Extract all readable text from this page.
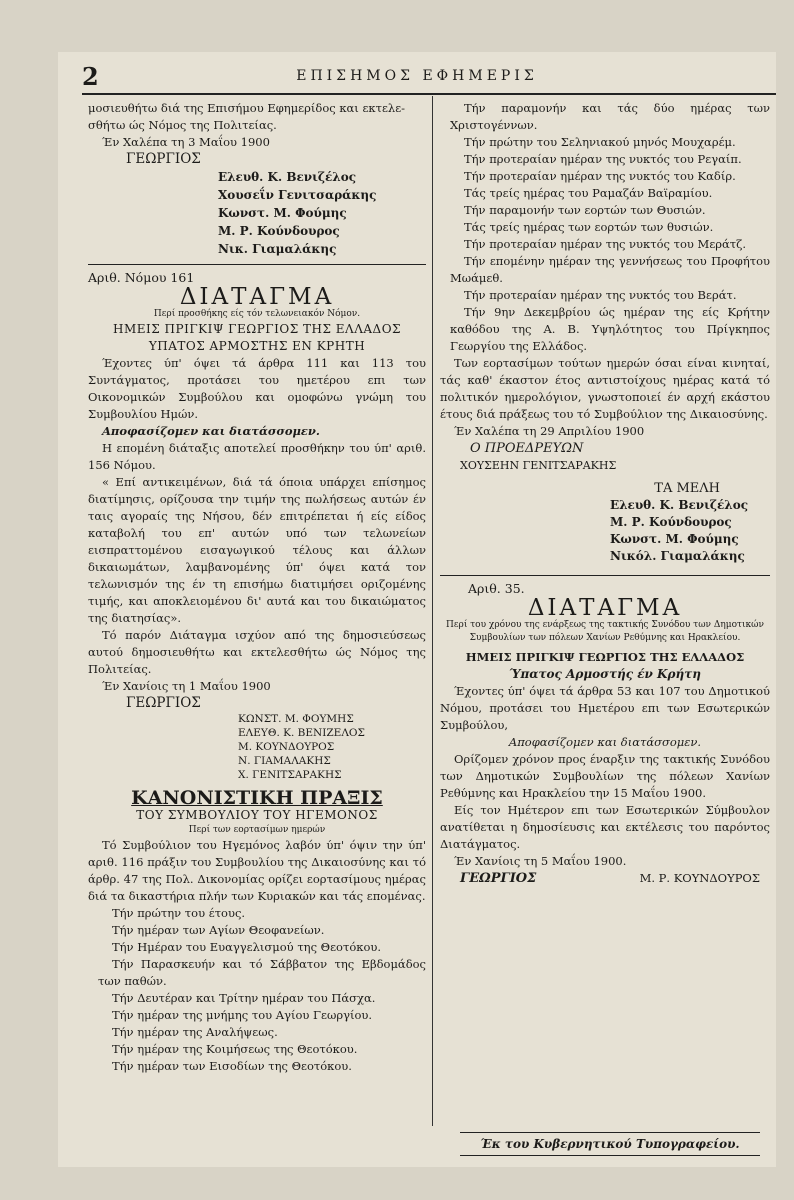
2	ΕΠΙΣΗΜΟΣ ΕΦΗΜΕΡΙΣ

μοσιευθήτω διά της Επισήμου Εφημερίδος και εκτελε-

σθήτω ώς Νόμος της Πολιτείας.

Έν Χαλέπα τη 3 Μαΐου 1900

ΓΕΩΡΓΙΟΣ

Ελευθ. Κ. Βενιζέλος
Χουσεΐν Γενιτσαράκης
Κωνστ. Μ. Φούμης
Μ. Ρ. Κούνδουρος
Νικ. Γιαμαλάκης

Αριθ. Νόμου 161

ΔΙΑΤΑΓΜΑ
Περί προσθήκης είς τόν τελωνειακόν Νόμον.
ΗΜΕΙΣ ΠΡΙΓΚΙΨ ΓΕΩΡΓΙΟΣ ΤΗΣ ΕΛΛΑΔΟΣ
ΥΠΑΤΟΣ ΑΡΜΟΣΤΗΣ ΕΝ ΚΡΗΤΗ

Έχοντες ύπ' όψει τά άρθρα 111 και 113 του Συντάγματος, προτάσει του ημετέρου επι των Οικονομικών Συμβούλου και ομοφώνω γνώμη του Συμβουλίου Ημών.

Αποφασίζομεν και διατάσσομεν.

Η επομένη διάταξις αποτελεί προσθήκην του ύπ' αριθ. 156 Νόμου.

« Επί αντικειμένων, διά τά όποια υπάρχει επίσημος διατίμησις, ορίζουσα την τιμήν της πωλήσεως αυτών έν ταις αγοραίς της Νήσου, δέν επιτρέπεται ή είς είδος καταβολή του επ' αυτών υπό των τελωνείων εισπραττομένου εισαγωγικού τέλους και άλλων δικαιωμάτων, λαμβανομένης ύπ' όψει κατά τον τελωνισμόν της έν τη επισήμω διατιμήσει οριζομένης τιμής, και αποκλειομένου δι' αυτά και του δικαιώματος της διατησίας».

Τό παρόν Διάταγμα ισχύον από της δημοσιεύσεως αυτού δημοσιευθήτω και εκτελεσθήτω ώς Νόμος της Πολιτείας.

Έν Χανίοις τη 1 Μαΐου 1900

ΓΕΩΡΓΙΟΣ

ΚΩΝΣΤ. Μ. ΦΟΥΜΗΣ
ΕΛΕΥΘ. Κ. ΒΕΝΙΖΕΛΟΣ
Μ. ΚΟΥΝΔΟΥΡΟΣ
Ν. ΓΙΑΜΑΛΑΚΗΣ
Χ. ΓΕΝΙΤΣΑΡΑΚΗΣ
ΚΑΝΟΝΙΣΤΙΚΗ ΠΡΑΞΙΣ
ΤΟΥ ΣΥΜΒΟΥΛΙΟΥ ΤΟΥ ΗΓΕΜΟΝΟΣ
Περί των εορτασίμων ημερών

Τό Συμβούλιον του Ηγεμόνος λαβόν ύπ' όψιν την ύπ' αριθ. 116 πράξιν του Συμβουλίου της Δικαιοσύνης και τό άρθρ. 47 της Πολ. Δικονομίας ορίζει εορτασίμους ημέρας διά τα δικαστήρια πλήν των Κυριακών και τάς επομένας.

Τήν πρώτην του έτους.

Τήν ημέραν των Αγίων Θεοφανείων.

Τήν Ημέραν του Ευαγγελισμού της Θεοτόκου.

Τήν Παρασκευήν και τό Σάββατον της Εβδομάδος των παθών.

Τήν Δευτέραν και Τρίτην ημέραν του Πάσχα.

Τήν ημέραν της μνήμης του Αγίου Γεωργίου.

Τήν ημέραν της Αναλήψεως.

Τήν ημέραν της Κοιμήσεως της Θεοτόκου.

Τήν ημέραν των Εισοδίων της Θεοτόκου.

Τήν παραμονήν και τάς δύο ημέρας των Χριστογέννων.

Τήν πρώτην του Σεληνιακού μηνός Μουχαρέμ.

Τήν προτεραίαν ημέραν της νυκτός του Ρεγαίπ.

Τήν προτεραίαν ημέραν της νυκτός του Καδίρ.

Τάς τρείς ημέρας του Ραμαζάν Βαϊραμίου.

Τήν παραμονήν των εορτών των Θυσιών.

Τάς τρείς ημέρας των εορτών των θυσιών.

Τήν προτεραίαν ημέραν της νυκτός του Μεράτζ.

Τήν επομένην ημέραν της γεννήσεως του Προφήτου Μωάμεθ.

Τήν προτεραίαν ημέραν της νυκτός του Βεράτ.

Τήν 9ην Δεκεμβρίου ώς ημέραν της είς Κρήτην καθόδου της Α. Β. Υψηλότητος του Πρίγκηπος Γεωργίου της Ελλάδος.

Των εορτασίμων τούτων ημερών όσαι είναι κινηταί, τάς καθ' έκαστον έτος αντιστοίχους ημέρας κατά τό πολιτικόν ημερολόγιον, γνωστοποιεί έν αρχή εκάστου έτους διά πράξεως του τό Συμβούλιον της Δικαιοσύνης.

Έν Χαλέπα τη 29 Απριλίου 1900

Ο ΠΡΟΕΔΡΕΥΩΝ

ΧΟΥΣΕΗΝ ΓΕΝΙΤΣΑΡΑΚΗΣ

ΤΑ ΜΕΛΗ

Ελευθ. Κ. Βενιζέλος
Μ. Ρ. Κούνδουρος
Κωνστ. Μ. Φούμης
Νικόλ. Γιαμαλάκης

Αριθ. 35.

ΔΙΑΤΑΓΜΑ
Περί του χρόνου της ενάρξεως της τακτικής Συνόδου των Δημοτικών Συμβουλίων των πόλεων Χανίων Ρεθύμνης και Ηρακλείου.
ΗΜΕΙΣ ΠΡΙΓΚΙΨ ΓΕΩΡΓΙΟΣ ΤΗΣ ΕΛΛΑΔΟΣ
Ύπατος Αρμοστής έν Κρήτη

Έχοντες ύπ' όψει τά άρθρα 53 και 107 του Δημοτικού Νόμου, προτάσει του Ημετέρου επι των Εσωτερικών Συμβούλου,

Αποφασίζομεν και διατάσσομεν.

Ορίζομεν χρόνον προς έναρξιν της τακτικής Συνόδου των Δημοτικών Συμβουλίων της πόλεων Χανίων Ρεθύμνης και Ηρακλείου την 15 Μαΐου 1900.

Είς τον Ημέτερον επι των Εσωτερικών Σύμβουλον ανατίθεται η δημοσίευσις και εκτέλεσις του παρόντος Διατάγματος.

Έν Χανίοις τη 5 Μαΐου 1900.

ΓΕΩΡΓΙΟΣ	Μ. Ρ. ΚΟΥΝΔΟΥΡΟΣ
Έκ του Κυβερνητικού Τυπογραφείου.
